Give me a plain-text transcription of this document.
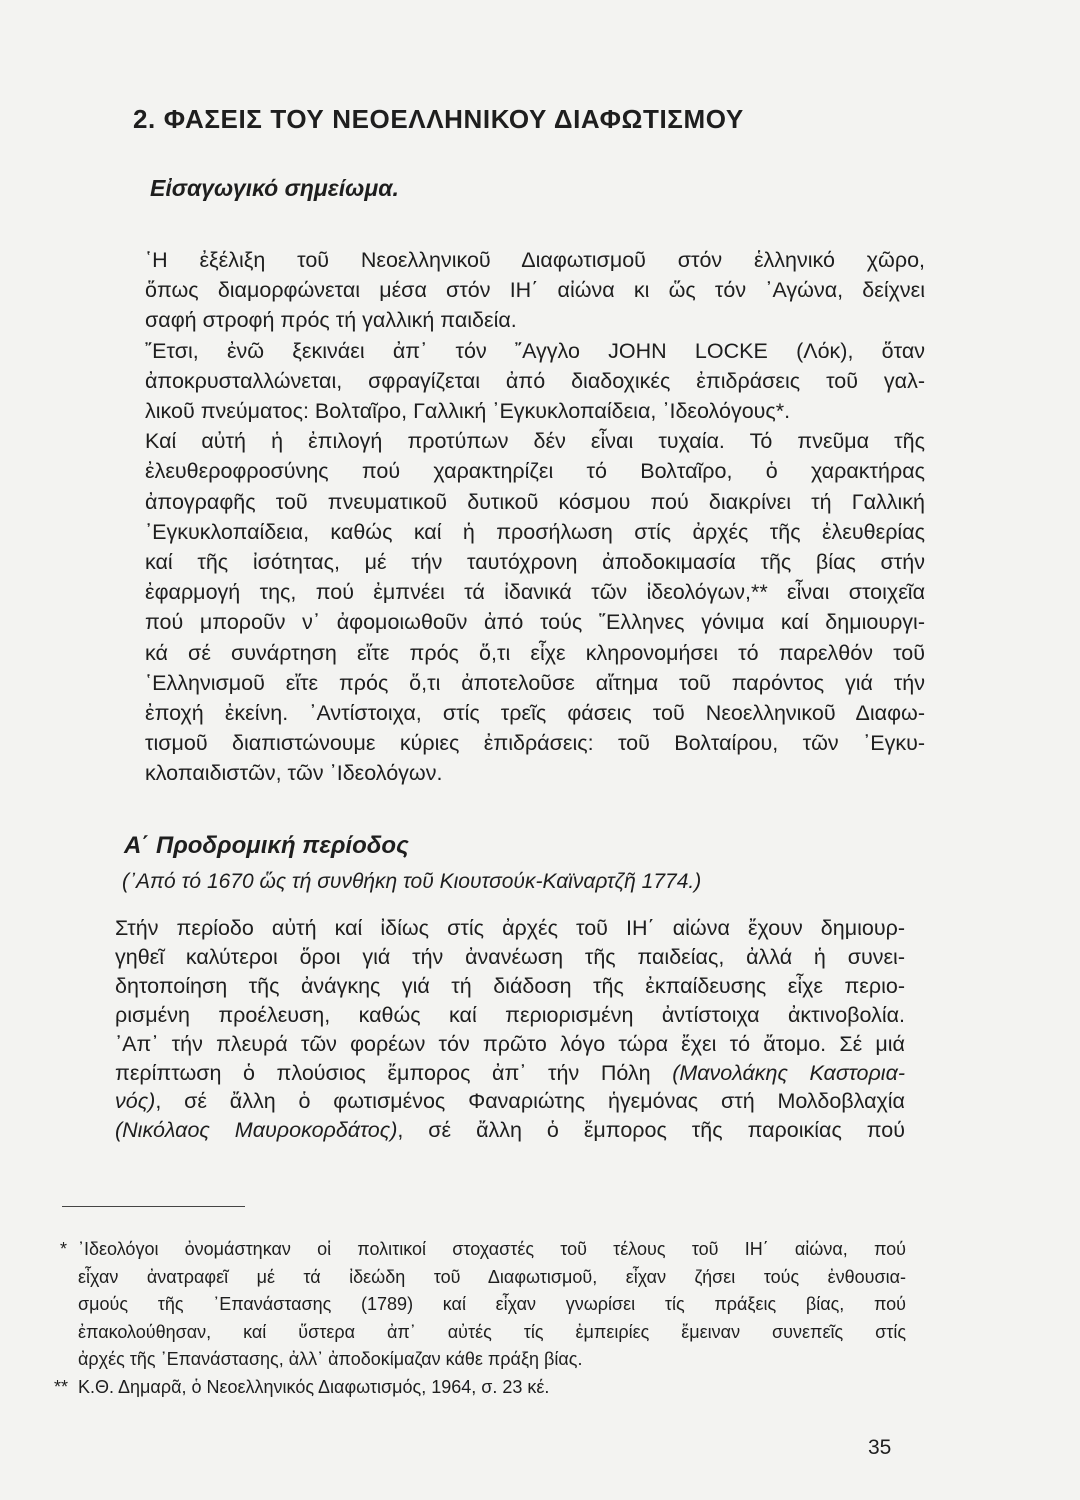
2. ΦΑΣΕΙΣ ΤΟΥ ΝΕΟΕΛΛΗΝΙΚΟΥ ΔΙΑΦΩΤΙΣΜΟΥ
Εἰσαγωγικό σημείωμα.
῾Η ἐξέλιξη τοῦ Νεοελληνικοῦ Διαφωτισμοῦ στόν ἑλληνικό χῶρο,
ὅπως διαμορφώνεται μέσα στόν ΙΗ΄ αἰώνα κι ὥς τόν ᾿Αγώνα, δείχνει
σαφή στροφή πρός τή γαλλική παιδεία.
῎Ετσι, ἐνῶ ξεκινάει ἀπ᾿ τόν ῎Αγγλο JOHN LOCKE (Λόκ), ὅταν
ἀποκρυσταλλώνεται, σφραγίζεται ἀπό διαδοχικές ἐπιδράσεις τοῦ γαλ-
λικοῦ πνεύματος: Βολταῖρο, Γαλλική ᾿Εγκυκλοπαίδεια, ᾿Ιδεολόγους*.
Καί αὐτή ἡ ἐπιλογή προτύπων δέν εἶναι τυχαία. Τό πνεῦμα τῆς
ἐλευθεροφροσύνης πού χαρακτηρίζει τό Βολταῖρο, ὁ χαρακτήρας
ἀπογραφῆς τοῦ πνευματικοῦ δυτικοῦ κόσμου πού διακρίνει τή Γαλλική
᾿Εγκυκλοπαίδεια, καθώς καί ἡ προσήλωση στίς ἀρχές τῆς ἐλευθερίας
καί τῆς ἰσότητας, μέ τήν ταυτόχρονη ἀποδοκιμασία τῆς βίας στήν
ἐφαρμογή της, πού ἐμπνέει τά ἰδανικά τῶν ἰδεολόγων,** εἶναι στοιχεῖα
πού μποροῦν ν᾿ ἀφομοιωθοῦν ἀπό τούς ῞Ελληνες γόνιμα καί δημιουργι-
κά σέ συνάρτηση εἴτε πρός ὅ,τι εἶχε κληρονομήσει τό παρελθόν τοῦ
῾Ελληνισμοῦ εἴτε πρός ὅ,τι ἀποτελοῦσε αἴτημα τοῦ παρόντος γιά τήν
ἐποχή ἐκείνη. ᾿Αντίστοιχα, στίς τρεῖς φάσεις τοῦ Νεοελληνικοῦ Διαφω-
τισμοῦ διαπιστώνουμε κύριες ἐπιδράσεις: τοῦ Βολταίρου, τῶν ᾿Εγκυ-
κλοπαιδιστῶν, τῶν ᾿Ιδεολόγων.
Α΄ Προδρομική περίοδος
(᾿Από τό 1670 ὥς τή συνθήκη τοῦ Κιουτσούκ-Καϊναρτζῆ 1774.)
Στήν περίοδο αὐτή καί ἰδίως στίς ἀρχές τοῦ ΙΗ΄ αἰώνα ἔχουν δημιουρ-
γηθεῖ καλύτεροι ὅροι γιά τήν ἀνανέωση τῆς παιδείας, ἀλλά ἡ συνει-
δητοποίηση τῆς ἀνάγκης γιά τή διάδοση τῆς ἐκπαίδευσης εἶχε περιο-
ρισμένη προέλευση, καθώς καί περιορισμένη ἀντίστοιχα ἀκτινοβολία.
᾿Απ᾿ τήν πλευρά τῶν φορέων τόν πρῶτο λόγο τώρα ἔχει τό ἄτομο. Σέ μιά
περίπτωση ὁ πλούσιος ἔμπορος ἀπ᾿ τήν Πόλη (Μανολάκης Καστορια-
νός), σέ ἄλλη ὁ φωτισμένος Φαναριώτης ἡγεμόνας στή Μολδοβλαχία
(Νικόλαος Μαυροκορδάτος), σέ ἄλλη ὁ ἔμπορος τῆς παροικίας πού
* ᾿Ιδεολόγοι ὀνομάστηκαν οἱ πολιτικοί στοχαστές τοῦ τέλους τοῦ ΙΗ΄ αἰώνα, πού
εἶχαν ἀνατραφεῖ μέ τά ἰδεώδη τοῦ Διαφωτισμοῦ, εἶχαν ζήσει τούς ἐνθουσια-
σμούς τῆς ᾿Επανάστασης (1789) καί εἶχαν γνωρίσει τίς πράξεις βίας, πού
ἐπακολούθησαν, καί ὕστερα ἀπ᾿ αὐτές τίς ἐμπειρίες ἔμειναν συνεπεῖς στίς
ἀρχές τῆς ᾿Επανάστασης, ἀλλ᾿ ἀποδοκίμαζαν κάθε πράξη βίας.
** Κ.Θ. Δημαρᾶ, ὁ Νεοελληνικός Διαφωτισμός, 1964, σ. 23 κέ.
35
